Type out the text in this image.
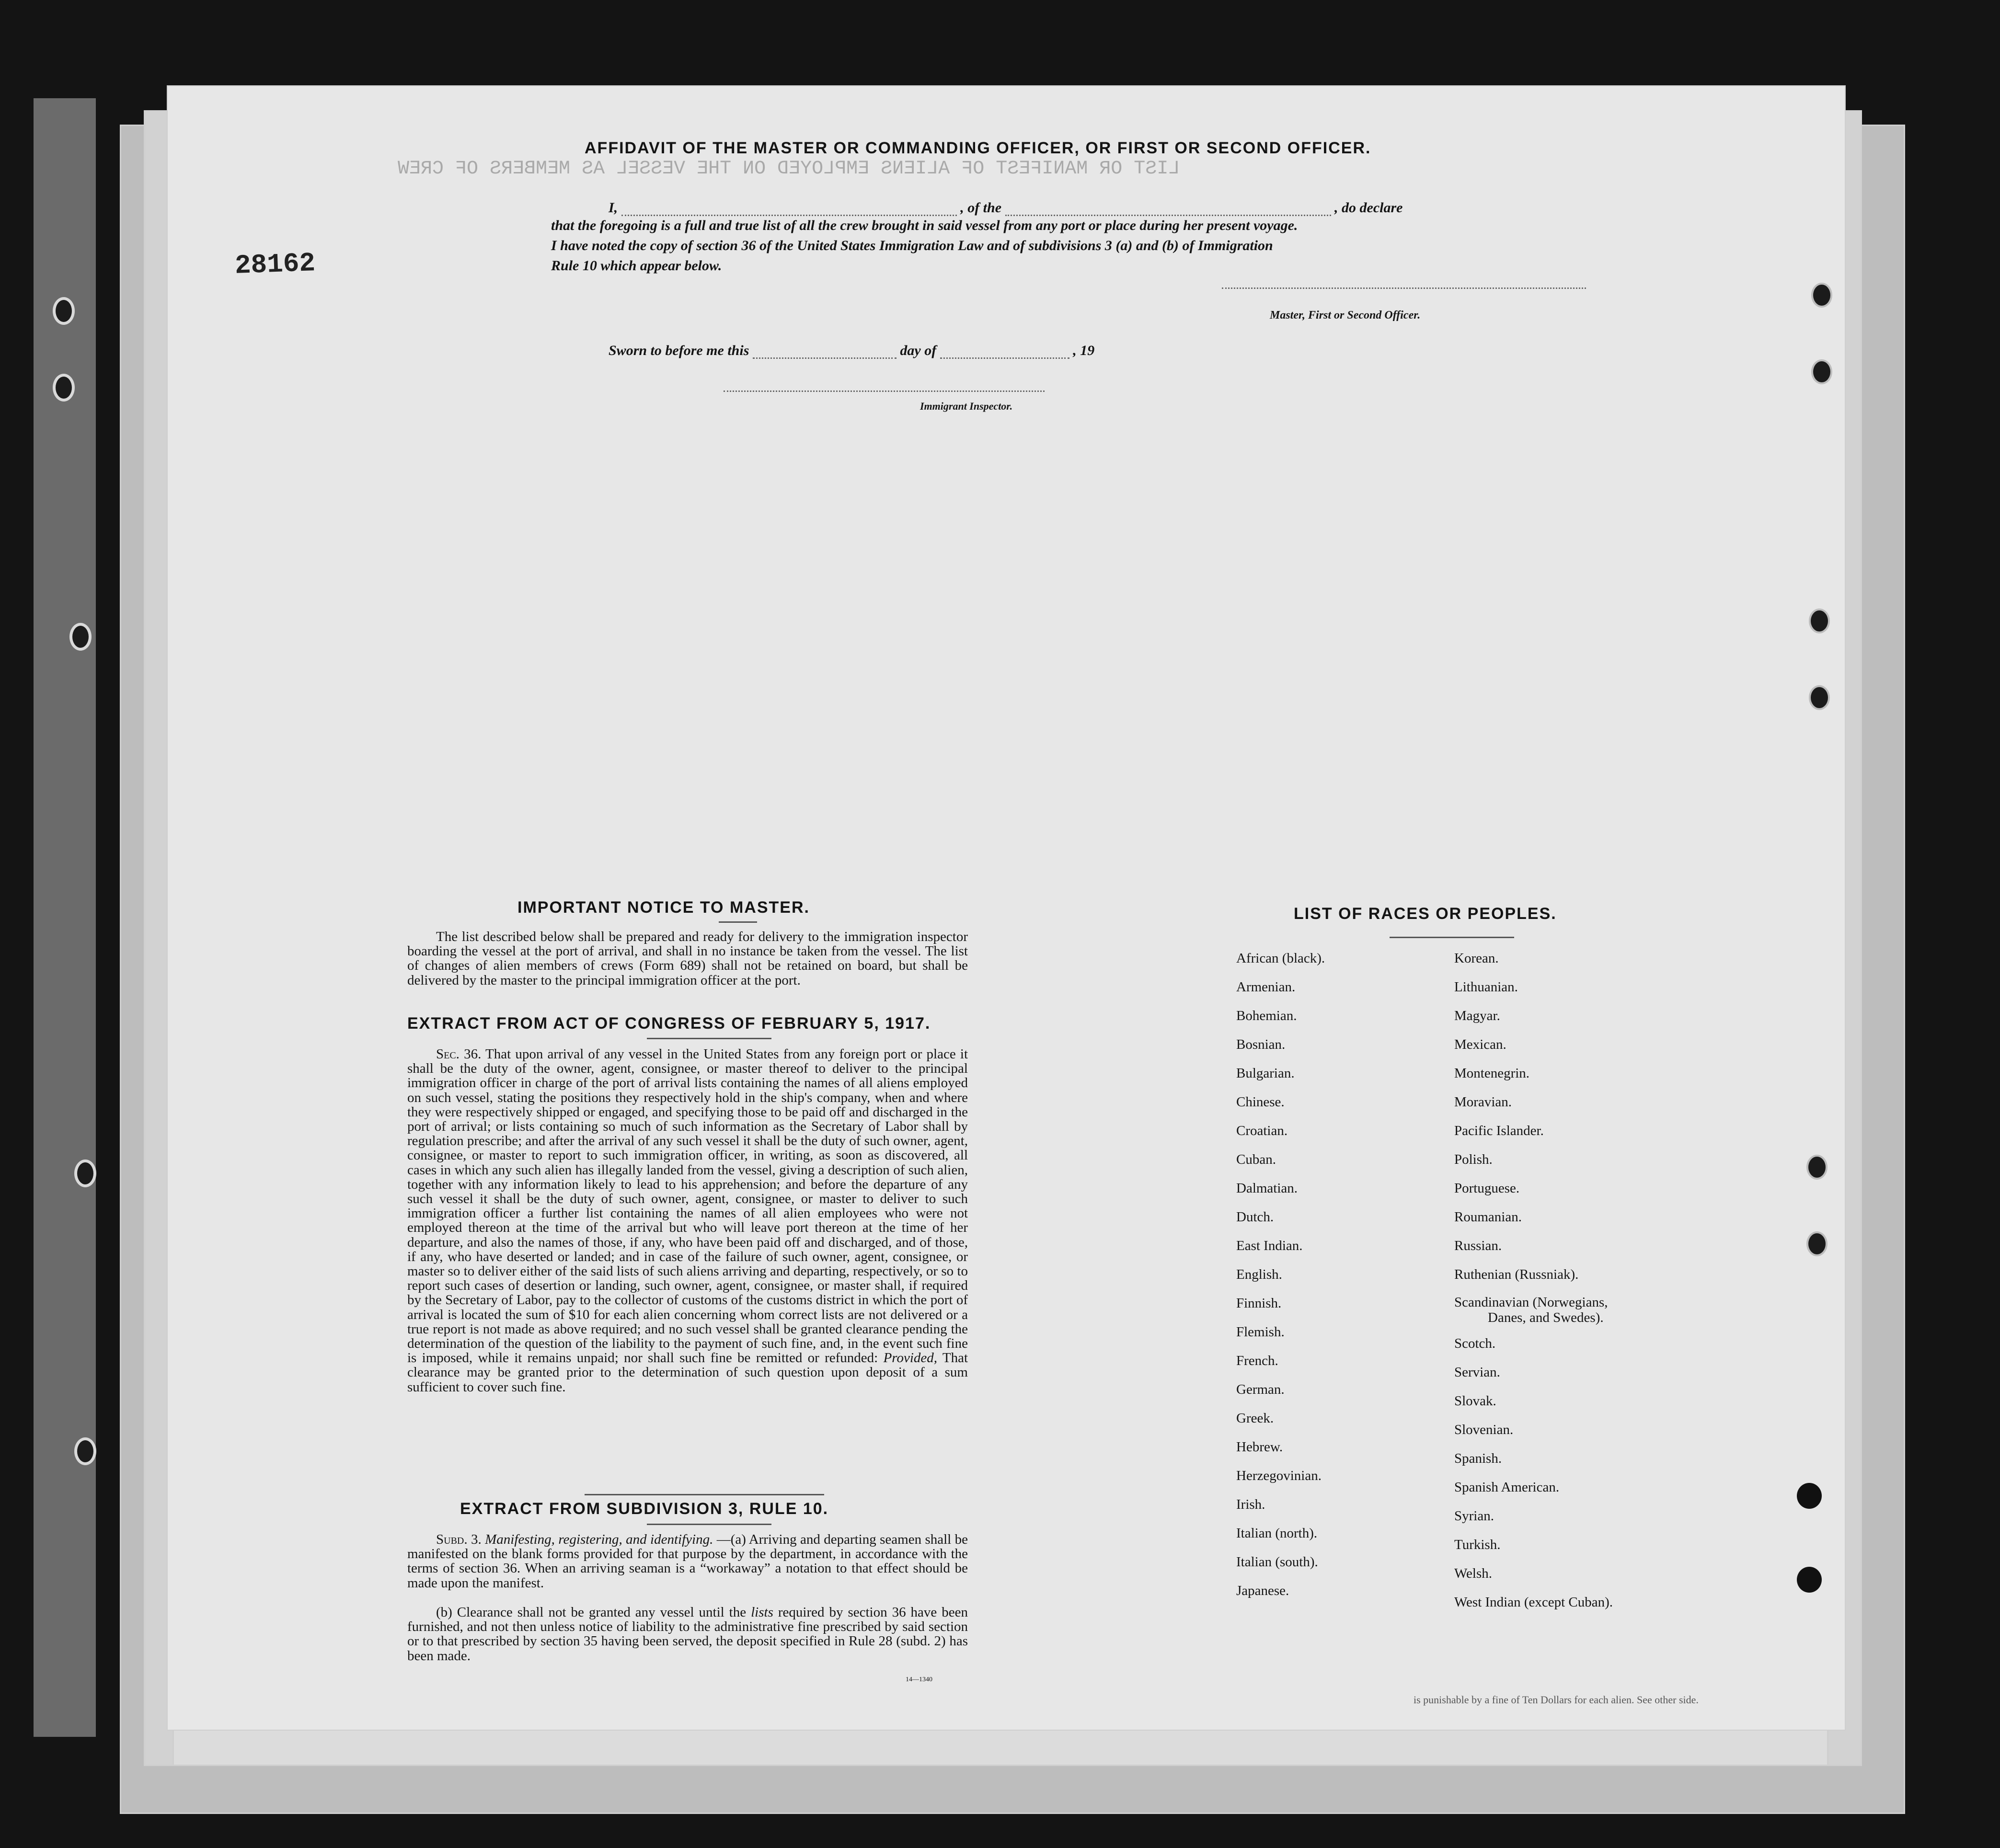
LIST OR MANIFEST OF ALIENS EMPLOYED ON THE VESSEL AS MEMBERS OF CREW
is punishable by a fine of Ten Dollars for each alien. See other side.
28162
AFFIDAVIT OF THE MASTER OR COMMANDING OFFICER, OR FIRST OR SECOND OFFICER.
I,	, of the	, do declare
that the foregoing is a full and true list of all the crew brought in said vessel from any port or place during her present voyage.
I have noted the copy of section 36 of the United States Immigration Law and of subdivisions 3 (a) and (b) of Immigration
Rule 10 which appear below.
Master, First or Second Officer.
Sworn to before me this	day of	, 19
Immigrant Inspector.
IMPORTANT NOTICE TO MASTER.
The list described below shall be prepared and ready for delivery to the immigration inspector boarding the vessel at the port of arrival, and shall in no instance be taken from the vessel. The list of changes of alien members of crews (Form 689) shall not be retained on board, but shall be delivered by the master to the principal immigration officer at the port.
EXTRACT FROM ACT OF CONGRESS OF FEBRUARY 5, 1917.
Sec. 36. That upon arrival of any vessel in the United States from any foreign port or place it shall be the duty of the owner, agent, consignee, or master thereof to deliver to the principal immigration officer in charge of the port of arrival lists containing the names of all aliens employed on such vessel, stating the positions they respectively hold in the ship's company, when and where they were respectively shipped or engaged, and specifying those to be paid off and discharged in the port of arrival; or lists containing so much of such information as the Secretary of Labor shall by regulation prescribe; and after the arrival of any such vessel it shall be the duty of such owner, agent, consignee, or master to report to such immigration officer, in writing, as soon as discovered, all cases in which any such alien has illegally landed from the vessel, giving a description of such alien, together with any information likely to lead to his apprehension; and before the departure of any such vessel it shall be the duty of such owner, agent, consignee, or master to deliver to such immigration officer a further list containing the names of all alien employees who were not employed thereon at the time of the arrival but who will leave port thereon at the time of her departure, and also the names of those, if any, who have been paid off and discharged, and of those, if any, who have deserted or landed; and in case of the failure of such owner, agent, consignee, or master so to deliver either of the said lists of such aliens arriving and departing, respectively, or so to report such cases of desertion or landing, such owner, agent, consignee, or master shall, if required by the Secretary of Labor, pay to the collector of customs of the customs district in which the port of arrival is located the sum of $10 for each alien concerning whom correct lists are not delivered or a true report is not made as above required; and no such vessel shall be granted clearance pending the determination of the question of the liability to the payment of such fine, and, in the event such fine is imposed, while it remains unpaid; nor shall such fine be remitted or refunded: Provided, That clearance may be granted prior to the determination of such question upon deposit of a sum sufficient to cover such fine.
EXTRACT FROM SUBDIVISION 3, RULE 10.
Subd. 3. Manifesting, registering, and identifying. —(a) Arriving and departing seamen shall be manifested on the blank forms provided for that purpose by the department, in accordance with the terms of section 36. When an arriving seaman is a “workaway” a notation to that effect should be made upon the manifest.
(b) Clearance shall not be granted any vessel until the lists required by section 36 have been furnished, and not then unless notice of liability to the administrative fine prescribed by said section or to that prescribed by section 35 having been served, the deposit specified in Rule 28 (subd. 2) has been made.
14—1340
LIST OF RACES OR PEOPLES.
African (black).
Armenian.
Bohemian.
Bosnian.
Bulgarian.
Chinese.
Croatian.
Cuban.
Dalmatian.
Dutch.
East Indian.
English.
Finnish.
Flemish.
French.
German.
Greek.
Hebrew.
Herzegovinian.
Irish.
Italian (north).
Italian (south).
Japanese.
Korean.
Lithuanian.
Magyar.
Mexican.
Montenegrin.
Moravian.
Pacific Islander.
Polish.
Portuguese.
Roumanian.
Russian.
Ruthenian (Russniak).
Scandinavian (Norwegians,
Danes, and Swedes).
Scotch.
Servian.
Slovak.
Slovenian.
Spanish.
Spanish American.
Syrian.
Turkish.
Welsh.
West Indian (except Cuban).
